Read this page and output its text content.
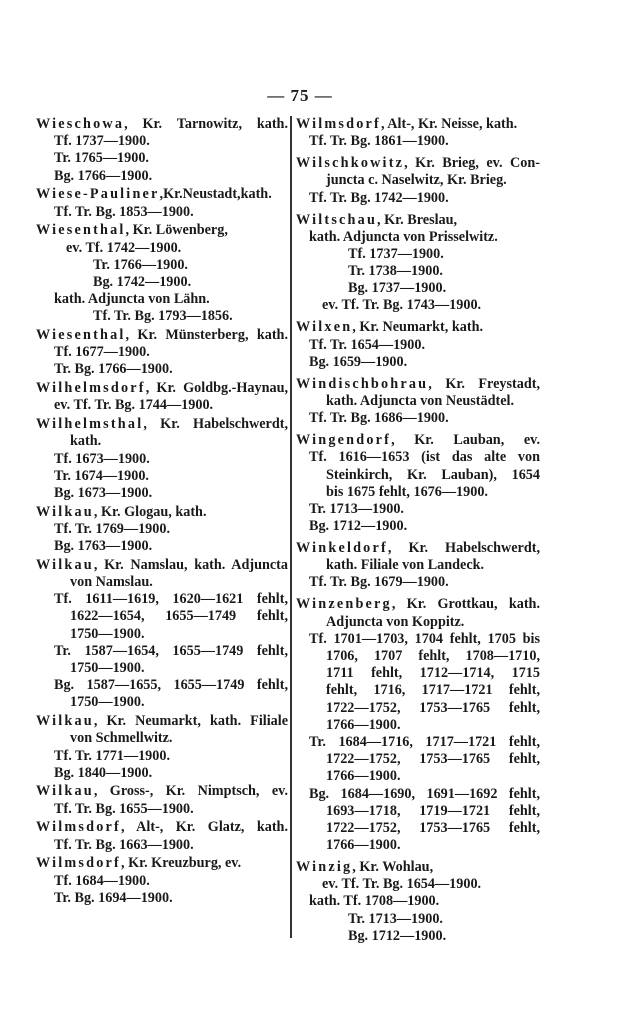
— 75 —
Wieschowa, Kr. Tarnowitz, kath.
Tf. 1737—1900.
Tr. 1765—1900.
Bg. 1766—1900.
Wiese-Pauliner,Kr.Neustadt,kath.
Tf. Tr. Bg. 1853—1900.
Wiesenthal, Kr. Löwenberg,
ev. Tf. 1742—1900.
Tr. 1766—1900.
Bg. 1742—1900.
kath. Adjuncta von Lähn.
Tf. Tr. Bg. 1793—1856.
Wiesenthal, Kr. Münsterberg, kath.
Tf. 1677—1900.
Tr. Bg. 1766—1900.
Wilhelmsdorf, Kr. Goldbg.-Haynau,
ev. Tf. Tr. Bg. 1744—1900.
Wilhelmsthal, Kr. Habelschwerdt,
kath.
Tf. 1673—1900.
Tr. 1674—1900.
Bg. 1673—1900.
Wilkau, Kr. Glogau, kath.
Tf. Tr. 1769—1900.
Bg. 1763—1900.
Wilkau, Kr. Namslau, kath. Adjuncta
von Namslau.
Tf. 1611—1619, 1620—1621 fehlt,
1622—1654, 1655—1749 fehlt,
1750—1900.
Tr. 1587—1654, 1655—1749 fehlt,
1750—1900.
Bg. 1587—1655, 1655—1749 fehlt,
1750—1900.
Wilkau, Kr. Neumarkt, kath. Filiale
von Schmellwitz.
Tf. Tr. 1771—1900.
Bg. 1840—1900.
Wilkau, Gross-, Kr. Nimptsch, ev.
Tf. Tr. Bg. 1655—1900.
Wilmsdorf, Alt-, Kr. Glatz, kath.
Tf. Tr. Bg. 1663—1900.
Wilmsdorf, Kr. Kreuzburg, ev.
Tf. 1684—1900.
Tr. Bg. 1694—1900.
Wilmsdorf, Alt-, Kr. Neisse, kath.
Tf. Tr. Bg. 1861—1900.
Wilschkowitz, Kr. Brieg, ev. Con-
juncta c. Naselwitz, Kr. Brieg.
Tf. Tr. Bg. 1742—1900.
Wiltschau, Kr. Breslau,
kath. Adjuncta von Prisselwitz.
Tf. 1737—1900.
Tr. 1738—1900.
Bg. 1737—1900.
ev. Tf. Tr. Bg. 1743—1900.
Wilxen, Kr. Neumarkt, kath.
Tf. Tr. 1654—1900.
Bg. 1659—1900.
Windischbohrau, Kr. Freystadt,
kath. Adjuncta von Neustädtel.
Tf. Tr. Bg. 1686—1900.
Wingendorf, Kr. Lauban, ev.
Tf. 1616—1653 (ist das alte von
Steinkirch, Kr. Lauban), 1654
bis 1675 fehlt, 1676—1900.
Tr. 1713—1900.
Bg. 1712—1900.
Winkeldorf, Kr. Habelschwerdt,
kath. Filiale von Landeck.
Tf. Tr. Bg. 1679—1900.
Winzenberg, Kr. Grottkau, kath.
Adjuncta von Koppitz.
Tf. 1701—1703, 1704 fehlt, 1705 bis
1706, 1707 fehlt, 1708—1710,
1711 fehlt, 1712—1714, 1715
fehlt, 1716, 1717—1721 fehlt,
1722—1752, 1753—1765 fehlt,
1766—1900.
Tr. 1684—1716, 1717—1721 fehlt,
1722—1752, 1753—1765 fehlt,
1766—1900.
Bg. 1684—1690, 1691—1692 fehlt,
1693—1718, 1719—1721 fehlt,
1722—1752, 1753—1765 fehlt,
1766—1900.
Winzig, Kr. Wohlau,
ev. Tf. Tr. Bg. 1654—1900.
kath. Tf. 1708—1900.
Tr. 1713—1900.
Bg. 1712—1900.
